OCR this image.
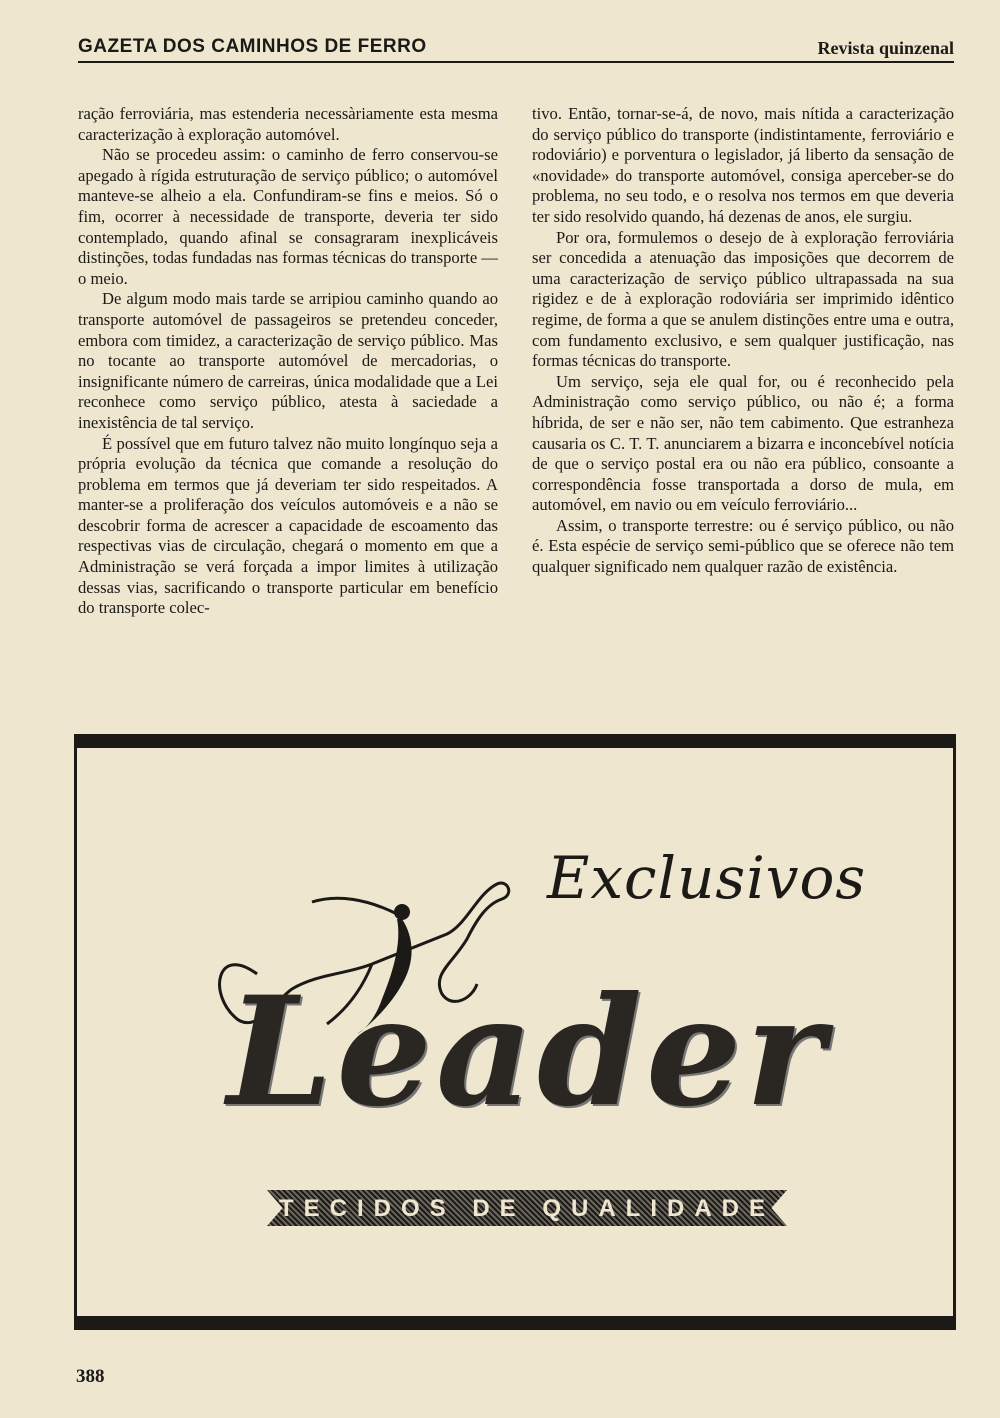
GAZETA DOS CAMINHOS DE FERRO	Revista quinzenal

ração ferroviária, mas estenderia necessàriamente esta mesma caracterização à exploração automóvel.

Não se procedeu assim: o caminho de ferro conservou-se apegado à rígida estruturação de serviço público; o automóvel manteve-se alheio a ela. Confundiram-se fins e meios. Só o fim, ocorrer à necessidade de transporte, deveria ter sido contemplado, quando afinal se consagraram inexplicáveis distinções, todas fundadas nas formas técnicas do transporte — o meio.

De algum modo mais tarde se arripiou caminho quando ao transporte automóvel de passageiros se pretendeu conceder, embora com timidez, a caracterização de serviço público. Mas no tocante ao transporte automóvel de mercadorias, o insignificante número de carreiras, única modalidade que a Lei reconhece como serviço público, atesta à saciedade a inexistência de tal serviço.

É possível que em futuro talvez não muito longínquo seja a própria evolução da técnica que comande a resolução do problema em termos que já deveriam ter sido respeitados. A manter-se a proliferação dos veículos automóveis e a não se descobrir forma de acrescer a capacidade de escoamento das respectivas vias de circulação, chegará o momento em que a Administração se verá forçada a impor limites à utilização dessas vias, sacrificando o transporte particular em benefício do transporte colec-

tivo. Então, tornar-se-á, de novo, mais nítida a caracterização do serviço público do transporte (indistintamente, ferroviário e rodoviário) e porventura o legislador, já liberto da sensação de «novidade» do transporte automóvel, consiga aperceber-se do problema, no seu todo, e o resolva nos termos em que deveria ter sido resolvido quando, há dezenas de anos, ele surgiu.

Por ora, formulemos o desejo de à exploração ferroviária ser concedida a atenuação das imposições que decorrem de uma caracterização de serviço público ultrapassada na sua rigidez e de à exploração rodoviária ser imprimido idêntico regime, de forma a que se anulem distinções entre uma e outra, com fundamento exclusivo, e sem qualquer justificação, nas formas técnicas do transporte.

Um serviço, seja ele qual for, ou é reconhecido pela Administração como serviço público, ou não é; a forma híbrida, de ser e não ser, não tem cabimento. Que estranheza causaria os C. T. T. anunciarem a bizarra e inconcebível notícia de que o serviço postal era ou não era público, consoante a correspondência fosse transportada a dorso de mula, em automóvel, em navio ou em veículo ferroviário...

Assim, o transporte terrestre: ou é serviço público, ou não é. Esta espécie de serviço semi-público que se oferece não tem qualquer significado nem qualquer razão de existência.

Exclusivos
Leader
TECIDOS DE QUALIDADE
388
